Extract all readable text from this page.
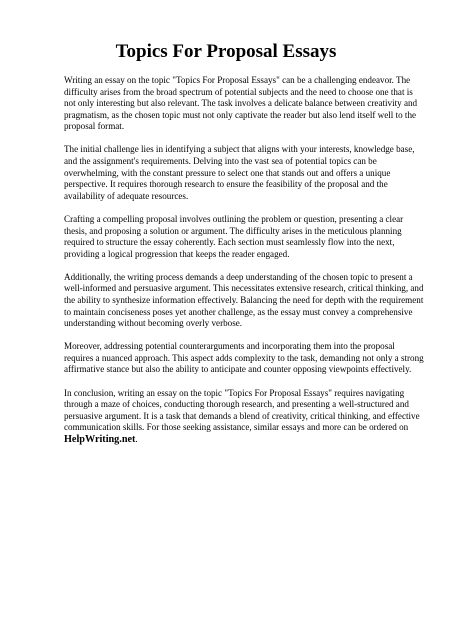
Topics For Proposal Essays

Writing an essay on the topic "Topics For Proposal Essays" can be a challenging endeavor. The difficulty arises from the broad spectrum of potential subjects and the need to choose one that is not only interesting but also relevant. The task involves a delicate balance between creativity and pragmatism, as the chosen topic must not only captivate the reader but also lend itself well to the proposal format.

The initial challenge lies in identifying a subject that aligns with your interests, knowledge base, and the assignment's requirements. Delving into the vast sea of potential topics can be overwhelming, with the constant pressure to select one that stands out and offers a unique perspective. It requires thorough research to ensure the feasibility of the proposal and the availability of adequate resources.

Crafting a compelling proposal involves outlining the problem or question, presenting a clear thesis, and proposing a solution or argument. The difficulty arises in the meticulous planning required to structure the essay coherently. Each section must seamlessly flow into the next, providing a logical progression that keeps the reader engaged.

Additionally, the writing process demands a deep understanding of the chosen topic to present a well-informed and persuasive argument. This necessitates extensive research, critical thinking, and the ability to synthesize information effectively. Balancing the need for depth with the requirement to maintain conciseness poses yet another challenge, as the essay must convey a comprehensive understanding without becoming overly verbose.

Moreover, addressing potential counterarguments and incorporating them into the proposal requires a nuanced approach. This aspect adds complexity to the task, demanding not only a strong affirmative stance but also the ability to anticipate and counter opposing viewpoints effectively.

In conclusion, writing an essay on the topic "Topics For Proposal Essays" requires navigating through a maze of choices, conducting thorough research, and presenting a well-structured and persuasive argument. It is a task that demands a blend of creativity, critical thinking, and effective communication skills. For those seeking assistance, similar essays and more can be ordered on HelpWriting.net.
